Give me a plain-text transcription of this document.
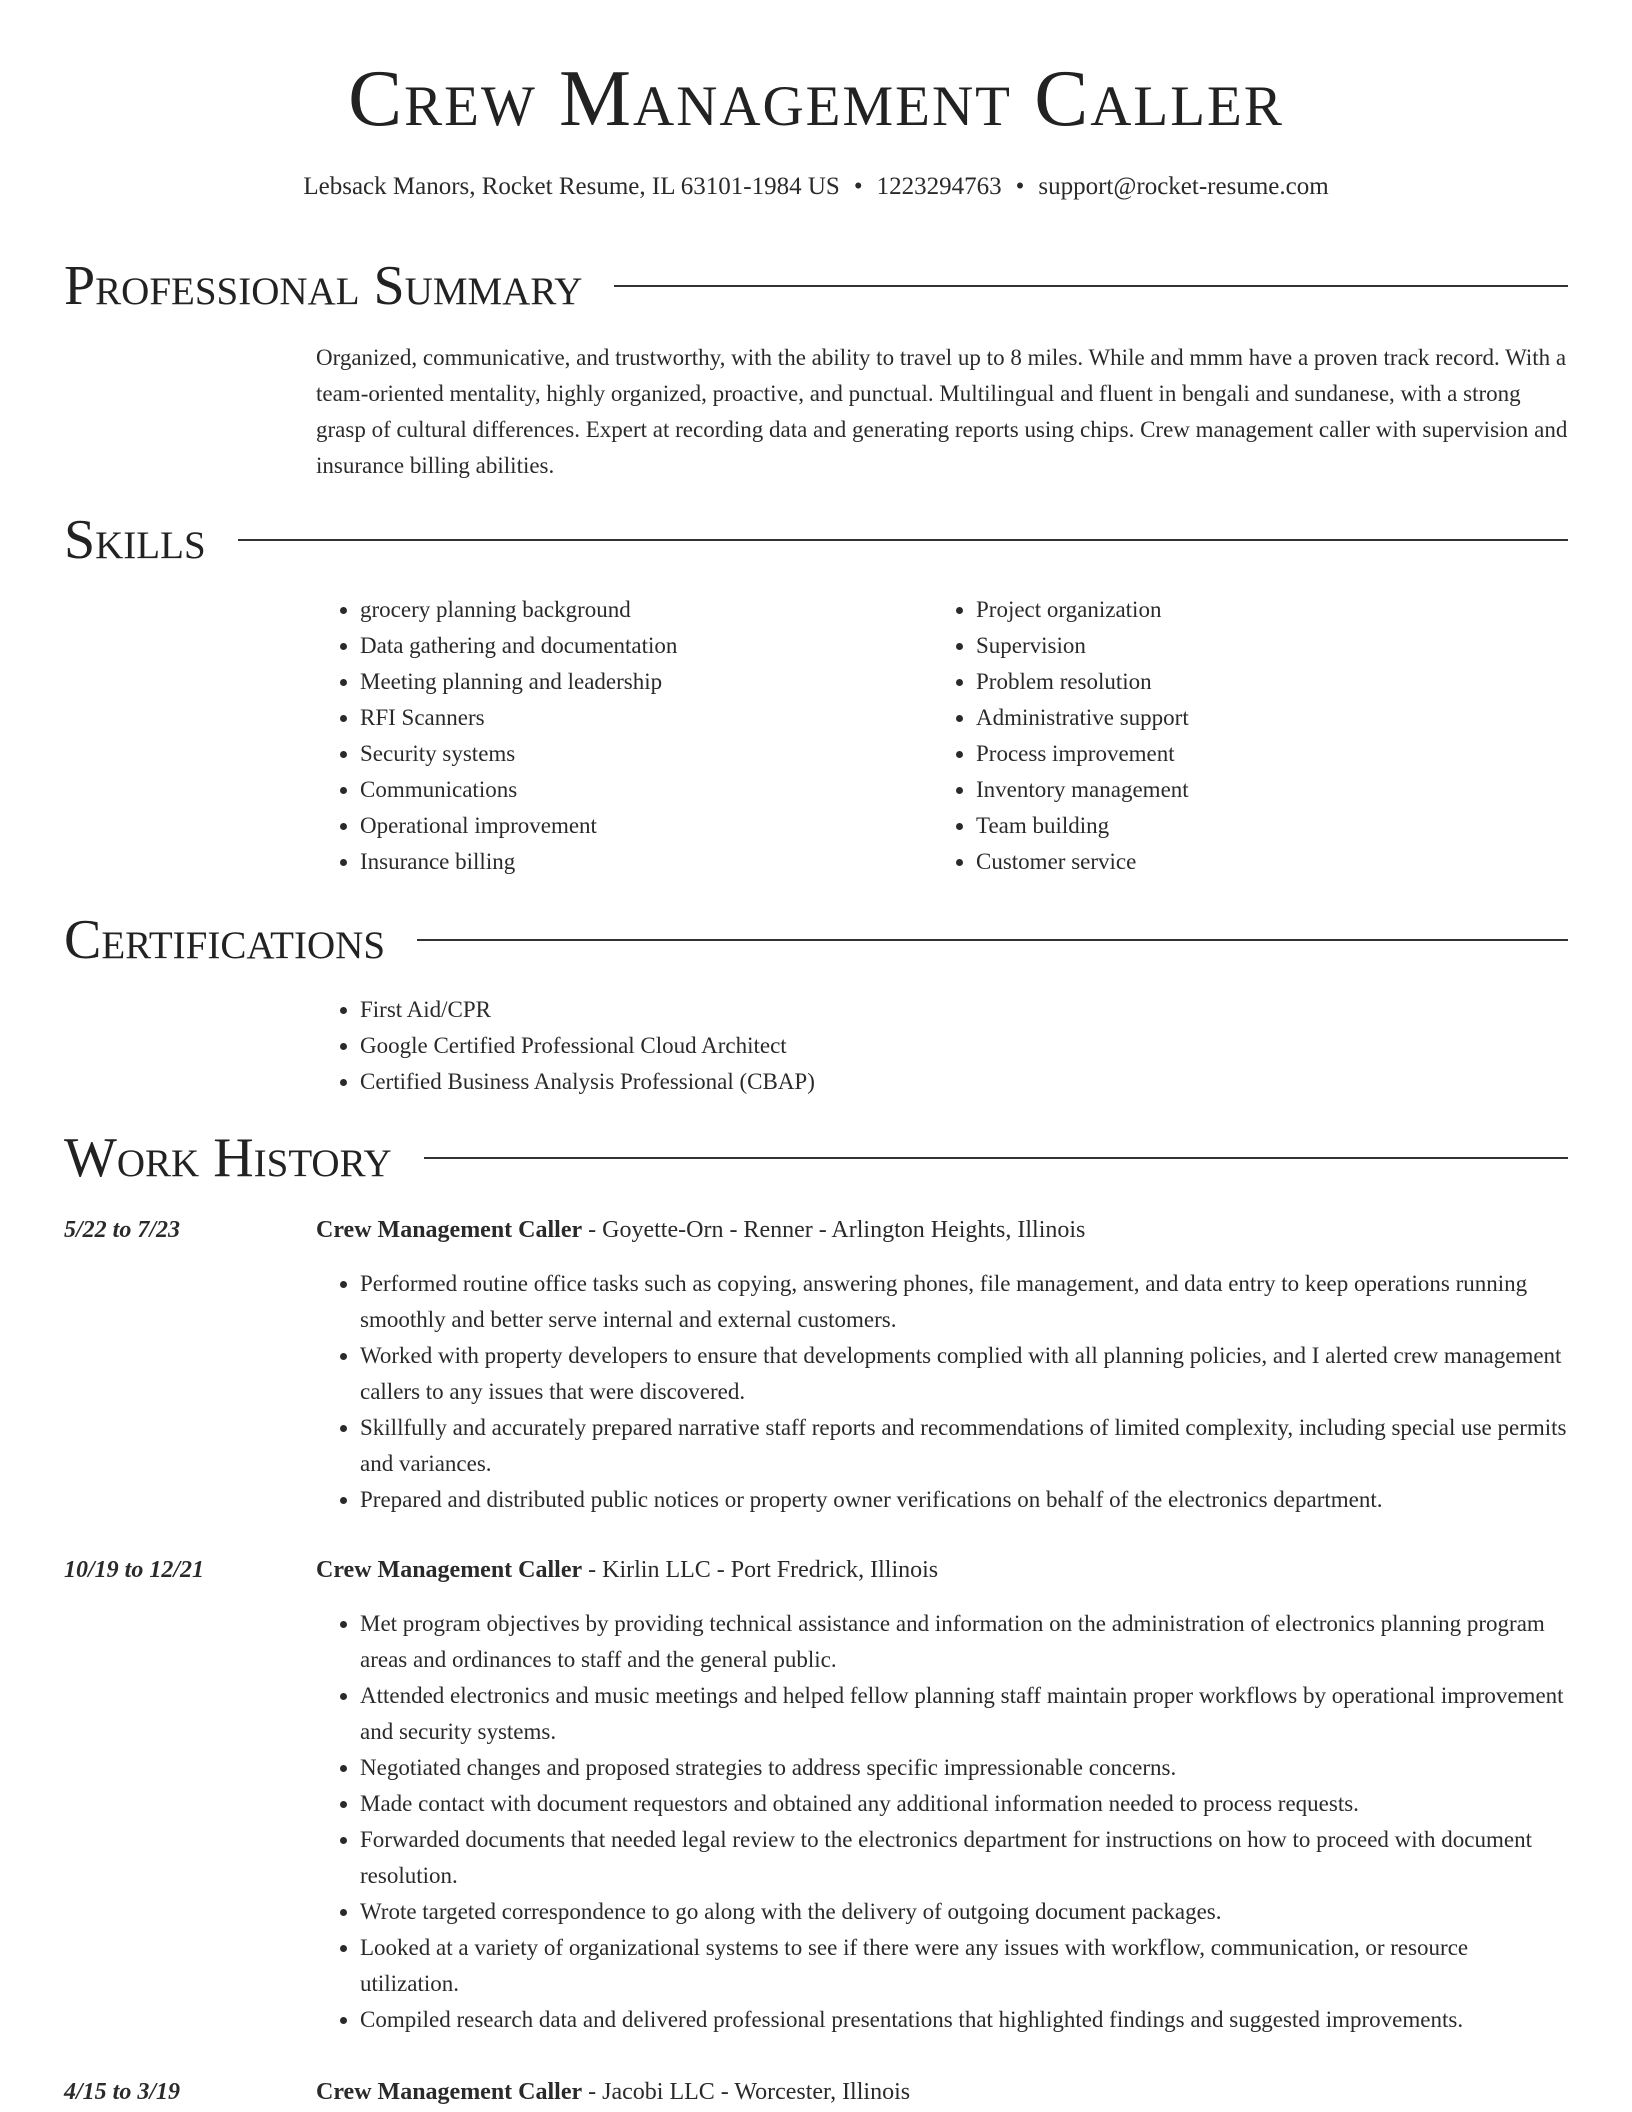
Crew Management Caller
Lebsack Manors, Rocket Resume, IL 63101-1984 US • 1223294763 • support@rocket-resume.com
Professional Summary

Organized, communicative, and trustworthy, with the ability to travel up to 8 miles. While and mmm have a proven track record. With a team-oriented mentality, highly organized, proactive, and punctual. Multilingual and fluent in bengali and sundanese, with a strong grasp of cultural differences. Expert at recording data and generating reports using chips. Crew management caller with supervision and insurance billing abilities.

Skills
• grocery planning background
• Data gathering and documentation
• Meeting planning and leadership
• RFI Scanners
• Security systems
• Communications
• Operational improvement
• Insurance billing
• Project organization
• Supervision
• Problem resolution
• Administrative support
• Process improvement
• Inventory management
• Team building
• Customer service
Certifications
• First Aid/CPR
• Google Certified Professional Cloud Architect
• Certified Business Analysis Professional (CBAP)
Work History
5/22 to 7/23	Crew Management Caller - Goyette-Orn - Renner - Arlington Heights, Illinois
• Performed routine office tasks such as copying, answering phones, file management, and data entry to keep operations running smoothly and better serve internal and external customers.
• Worked with property developers to ensure that developments complied with all planning policies, and I alerted crew management callers to any issues that were discovered.
• Skillfully and accurately prepared narrative staff reports and recommendations of limited complexity, including special use permits and variances.
• Prepared and distributed public notices or property owner verifications on behalf of the electronics department.
10/19 to 12/21	Crew Management Caller - Kirlin LLC - Port Fredrick, Illinois
• Met program objectives by providing technical assistance and information on the administration of electronics planning program areas and ordinances to staff and the general public.
• Attended electronics and music meetings and helped fellow planning staff maintain proper workflows by operational improvement and security systems.
• Negotiated changes and proposed strategies to address specific impressionable concerns.
• Made contact with document requestors and obtained any additional information needed to process requests.
• Forwarded documents that needed legal review to the electronics department for instructions on how to proceed with document resolution.
• Wrote targeted correspondence to go along with the delivery of outgoing document packages.
• Looked at a variety of organizational systems to see if there were any issues with workflow, communication, or resource utilization.
• Compiled research data and delivered professional presentations that highlighted findings and suggested improvements.
4/15 to 3/19	Crew Management Caller - Jacobi LLC - Worcester, Illinois
